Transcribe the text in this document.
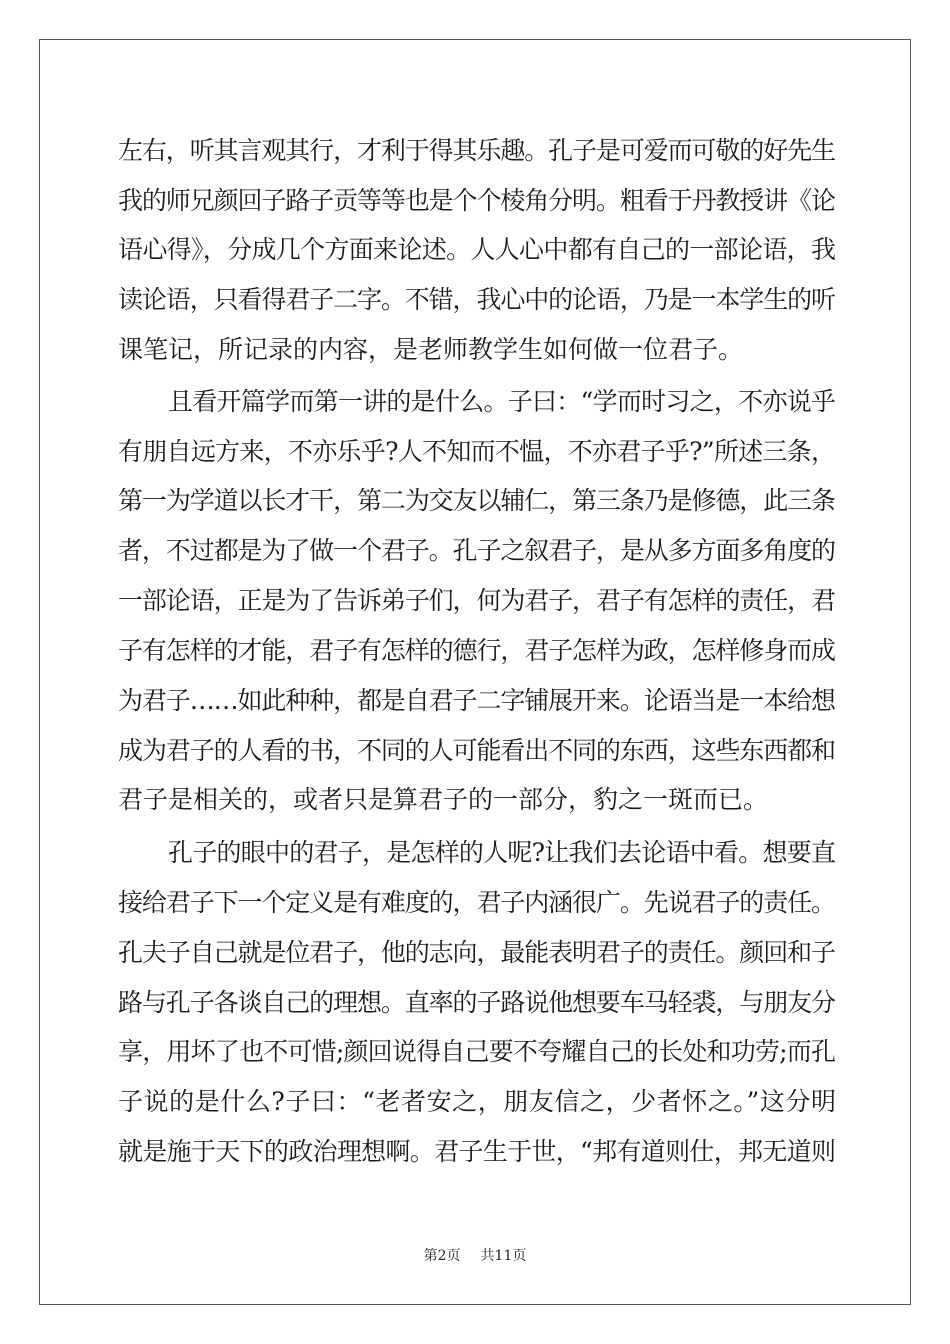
左右，听其言观其行，才利于得其乐趣。孔子是可爱而可敬的好先生
我的师兄颜回子路子贡等等也是个个棱角分明。粗看于丹教授讲《论
语心得》，分成几个方面来论述。人人心中都有自己的一部论语，我
读论语，只看得君子二字。不错，我心中的论语，乃是一本学生的听
课笔记，所记录的内容，是老师教学生如何做一位君子。
且看开篇学而第一讲的是什么。子曰：“学而时习之，不亦说乎
有朋自远方来，不亦乐乎?人不知而不愠，不亦君子乎?”所述三条，
第一为学道以长才干，第二为交友以辅仁，第三条乃是修德，此三条
者，不过都是为了做一个君子。孔子之叙君子，是从多方面多角度的
一部论语，正是为了告诉弟子们，何为君子，君子有怎样的责任，君
子有怎样的才能，君子有怎样的德行，君子怎样为政，怎样修身而成
为君子……如此种种，都是自君子二字铺展开来。论语当是一本给想
成为君子的人看的书，不同的人可能看出不同的东西，这些东西都和
君子是相关的，或者只是算君子的一部分，豹之一斑而已。
孔子的眼中的君子，是怎样的人呢?让我们去论语中看。想要直
接给君子下一个定义是有难度的，君子内涵很广。先说君子的责任。
孔夫子自己就是位君子，他的志向，最能表明君子的责任。颜回和子
路与孔子各谈自己的理想。直率的子路说他想要车马轻裘，与朋友分
享，用坏了也不可惜;颜回说得自己要不夸耀自己的长处和功劳;而孔
子说的是什么?子曰：“老者安之，朋友信之，少者怀之。”这分明
就是施于天下的政治理想啊。君子生于世，“邦有道则仕，邦无道则
第2页 共11页
